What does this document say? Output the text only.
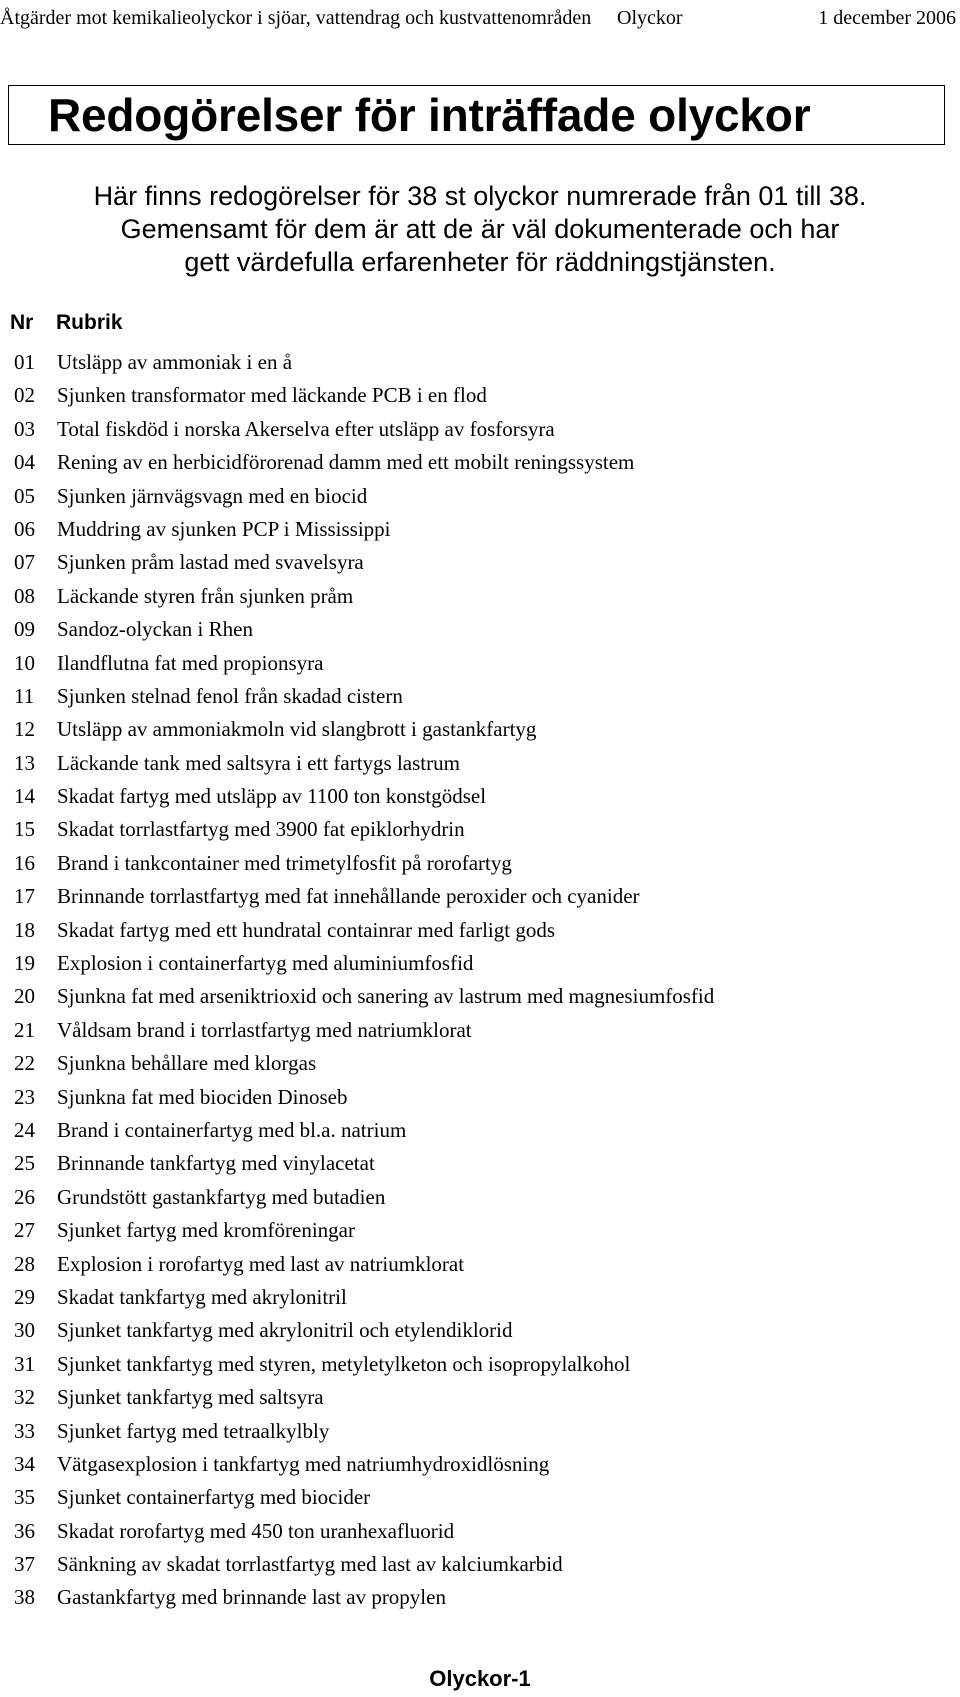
Åtgärder mot kemikalieolyckor i sjöar, vattendrag och kustvattenområden Olyckor	1 december 2006
Redogörelser för inträffade olyckor
Här finns redogörelser för 38 st olyckor numrerade från 01 till 38.
Gemensamt för dem är att de är väl dokumenterade och har
gett värdefulla erfarenheter för räddningstjänsten.
Nr	Rubrik
01	Utsläpp av ammoniak i en å
02	Sjunken transformator med läckande PCB i en flod
03	Total fiskdöd i norska Akerselva efter utsläpp av fosforsyra
04	Rening av en herbicidförorenad damm med ett mobilt reningssystem
05	Sjunken järnvägsvagn med en biocid
06	Muddring av sjunken PCP i Mississippi
07	Sjunken pråm lastad med svavelsyra
08	Läckande styren från sjunken pråm
09	Sandoz-olyckan i Rhen
10	Ilandflutna fat med propionsyra
11	Sjunken stelnad fenol från skadad cistern
12	Utsläpp av ammoniakmoln vid slangbrott i gastankfartyg
13	Läckande tank med saltsyra i ett fartygs lastrum
14	Skadat fartyg med utsläpp av 1100 ton konstgödsel
15	Skadat torrlastfartyg med 3900 fat epiklorhydrin
16	Brand i tankcontainer med trimetylfosfit på rorofartyg
17	Brinnande torrlastfartyg med fat innehållande peroxider och cyanider
18	Skadat fartyg med ett hundratal containrar med farligt gods
19	Explosion i containerfartyg med aluminiumfosfid
20	Sjunkna fat med arseniktrioxid och sanering av lastrum med magnesiumfosfid
21	Våldsam brand i torrlastfartyg med natriumklorat
22	Sjunkna behållare med klorgas
23	Sjunkna fat med biociden Dinoseb
24	Brand i containerfartyg med bl.a. natrium
25	Brinnande tankfartyg med vinylacetat
26	Grundstött gastankfartyg med butadien
27	Sjunket fartyg med kromföreningar
28	Explosion i rorofartyg med last av natriumklorat
29	Skadat tankfartyg med akrylonitril
30	Sjunket tankfartyg med akrylonitril och etylendiklorid
31	Sjunket tankfartyg med styren, metyletylketon och isopropylalkohol
32	Sjunket tankfartyg med saltsyra
33	Sjunket fartyg med tetraalkylbly
34	Vätgasexplosion i tankfartyg med natriumhydroxidlösning
35	Sjunket containerfartyg med biocider
36	Skadat rorofartyg med 450 ton uranhexafluorid
37	Sänkning av skadat torrlastfartyg med last av kalciumkarbid
38	Gastankfartyg med brinnande last av propylen
Olyckor-1
